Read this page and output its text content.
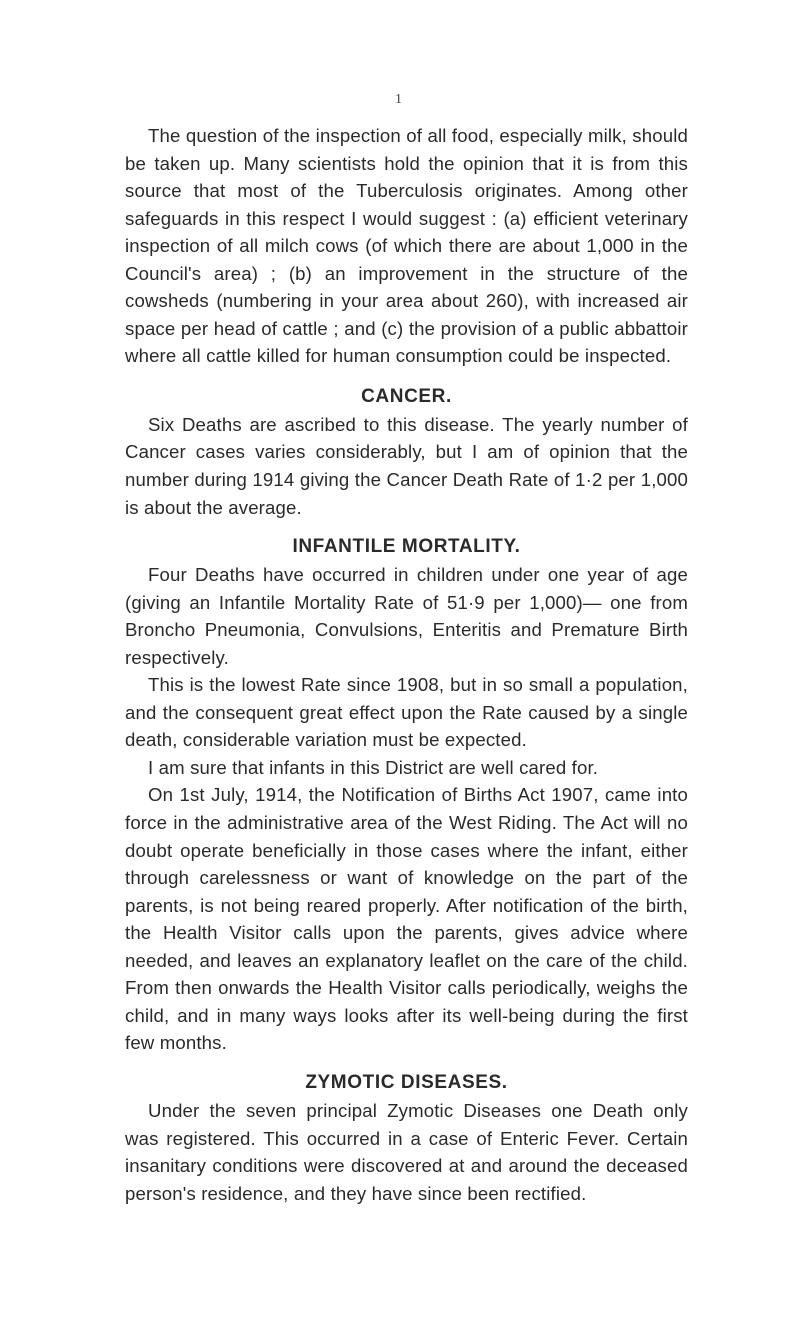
1

The question of the inspection of all food, especially milk, should be taken up. Many scientists hold the opinion that it is from this source that most of the Tuberculosis originates. Among other safeguards in this respect I would suggest : (a) efficient veterinary inspection of all milch cows (of which there are about 1,000 in the Council's area) ; (b) an improvement in the structure of the cowsheds (numbering in your area about 260), with increased air space per head of cattle ; and (c) the provision of a public abbattoir where all cattle killed for human consumption could be inspected.

CANCER.

Six Deaths are ascribed to this disease. The yearly number of Cancer cases varies considerably, but I am of opinion that the number during 1914 giving the Cancer Death Rate of 1·2 per 1,000 is about the average.

INFANTILE MORTALITY.

Four Deaths have occurred in children under one year of age (giving an Infantile Mortality Rate of 51·9 per 1,000)— one from Broncho Pneumonia, Convulsions, Enteritis and Premature Birth respectively.

This is the lowest Rate since 1908, but in so small a population, and the consequent great effect upon the Rate caused by a single death, considerable variation must be expected.

I am sure that infants in this District are well cared for.

On 1st July, 1914, the Notification of Births Act 1907, came into force in the administrative area of the West Riding. The Act will no doubt operate beneficially in those cases where the infant, either through carelessness or want of knowledge on the part of the parents, is not being reared properly. After notification of the birth, the Health Visitor calls upon the parents, gives advice where needed, and leaves an explanatory leaflet on the care of the child. From then onwards the Health Visitor calls periodically, weighs the child, and in many ways looks after its well-being during the first few months.

ZYMOTIC DISEASES.

Under the seven principal Zymotic Diseases one Death only was registered. This occurred in a case of Enteric Fever. Certain insanitary conditions were discovered at and around the deceased person's residence, and they have since been rectified.
